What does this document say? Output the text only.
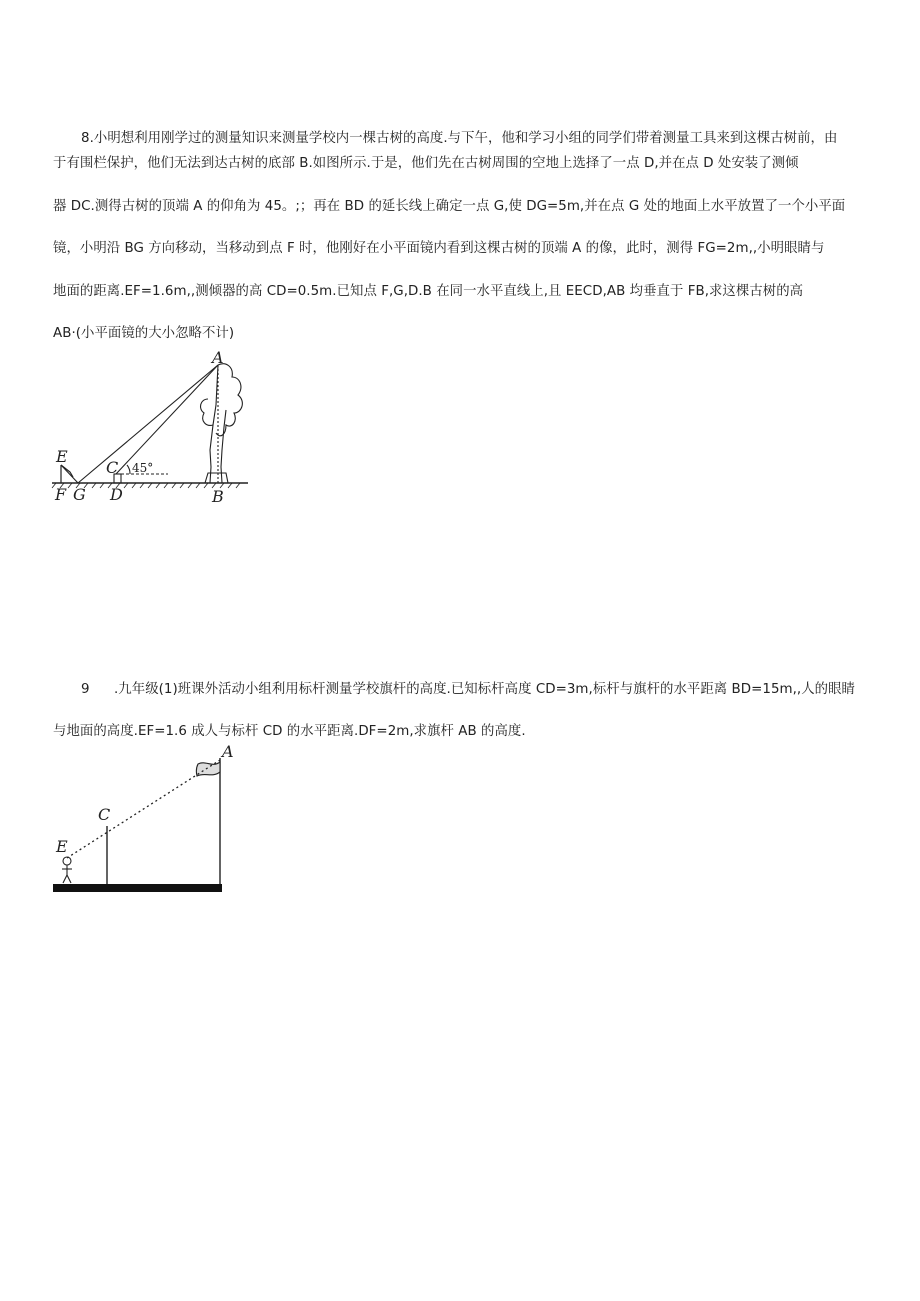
8.小明想利用刚学过的测量知识来测量学校内一棵古树的高度.与下午，他和学习小组的同学们带着测量工具来到这棵古树前，由
于有围栏保护，他们无法到达古树的底部 B.如图所示.于是，他们先在古树周围的空地上选择了一点 D,并在点 D 处安装了测倾
器 DC.测得古树的顶端 A 的仰角为 45。;；再在 BD 的延长线上确定一点 G,使 DG=5m,并在点 G 处的地面上水平放置了一个小平面
镜，小明沿 BG 方向移动，当移动到点 F 时，他刚好在小平面镜内看到这棵古树的顶端 A 的像，此时，测得 FG=2m,,小明眼睛与
地面的距离.EF=1.6m,,测倾器的高 CD=0.5m.已知点 F,G,D.B 在同一水平直线上,且 EECD,AB 均垂直于 FB,求这棵古树的高
AB·(小平面镜的大小忽略不计)
A
E
C 45°
F G D	B
9 .九年级(1)班课外活动小组利用标杆测量学校旗杆的高度.已知标杆高度 CD=3m,标杆与旗杆的水平距离 BD=15m,,人的眼睛
与地面的高度.EF=1.6 成人与标杆 CD 的水平距离.DF=2m,求旗杆 AB 的高度.
A
C
E
